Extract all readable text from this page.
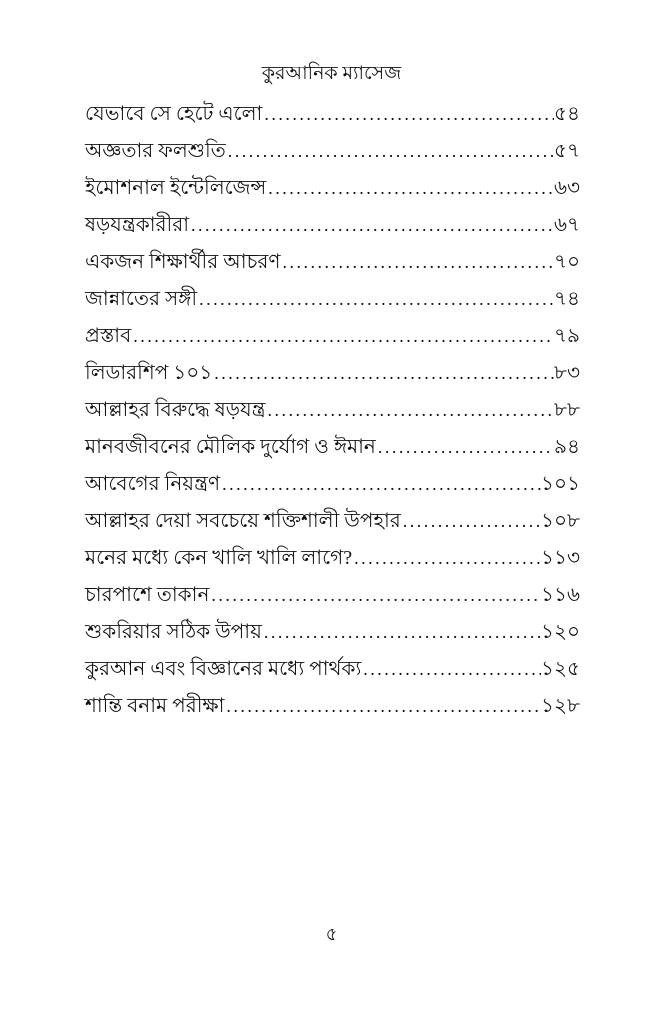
কুরআনিক ম্যাসেজ
যেভাবে সে হেটে এলো .....	৫৪
অজ্ঞতার ফলশুতি .....	৫৭
ইমোশনাল ইন্টেলিজেন্স .....	৬৩
ষড়যন্ত্রকারীরা .....	৬৭
একজন শিক্ষার্থীর আচরণ .....	৭০
জান্নাতের সঙ্গী .....	৭৪
প্রস্তাব .....	৭৯
লিডারশিপ ১০১ .....	৮৩
আল্লাহর বিরুদ্ধে ষড়যন্ত্র .....	৮৮
মানবজীবনের মৌলিক দুর্যোগ ও ঈমান .....	৯৪
আবেগের নিয়ন্ত্রণ .....	১০১
আল্লাহর দেয়া সবচেয়ে শক্তিশালী উপহার .....	১০৮
মনের মধ্যে কেন খালি খালি লাগে? .....	১১৩
চারপাশে তাকান .....	১১৬
শুকরিয়ার সঠিক উপায় .....	১২০
কুরআন এবং বিজ্ঞানের মধ্যে পার্থক্য .....	১২৫
শান্তি বনাম পরীক্ষা .....	১২৮
৫
